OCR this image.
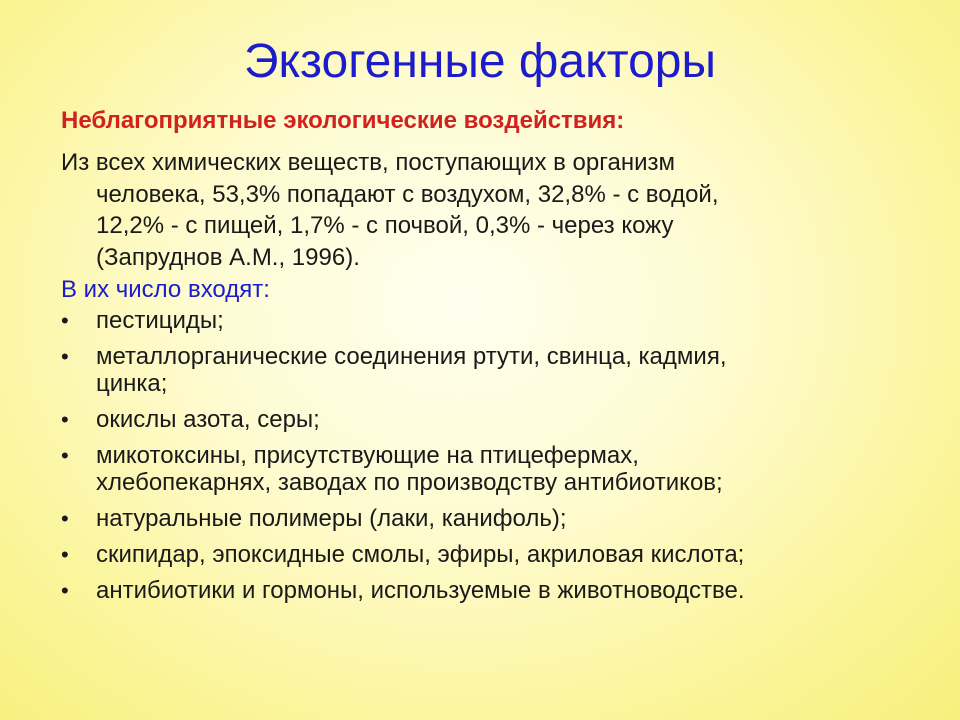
Экзогенные факторы
Неблагоприятные экологические воздействия:
Из всех химических веществ, поступающих в организм
человека, 53,3% попадают с воздухом, 32,8% - с водой,
12,2% - с пищей, 1,7% - с почвой, 0,3% - через кожу
(Запруднов А.М., 1996).
В их число входят:
• пестициды;
• металлорганические соединения ртути, свинца, кадмия,
цинка;
• окислы азота, серы;
• микотоксины, присутствующие на птицефермах,
хлебопекарнях, заводах по производству антибиотиков;
• натуральные полимеры (лаки, канифоль);
• скипидар, эпоксидные смолы, эфиры, акриловая кислота;
• антибиотики и гормоны, используемые в животноводстве.
